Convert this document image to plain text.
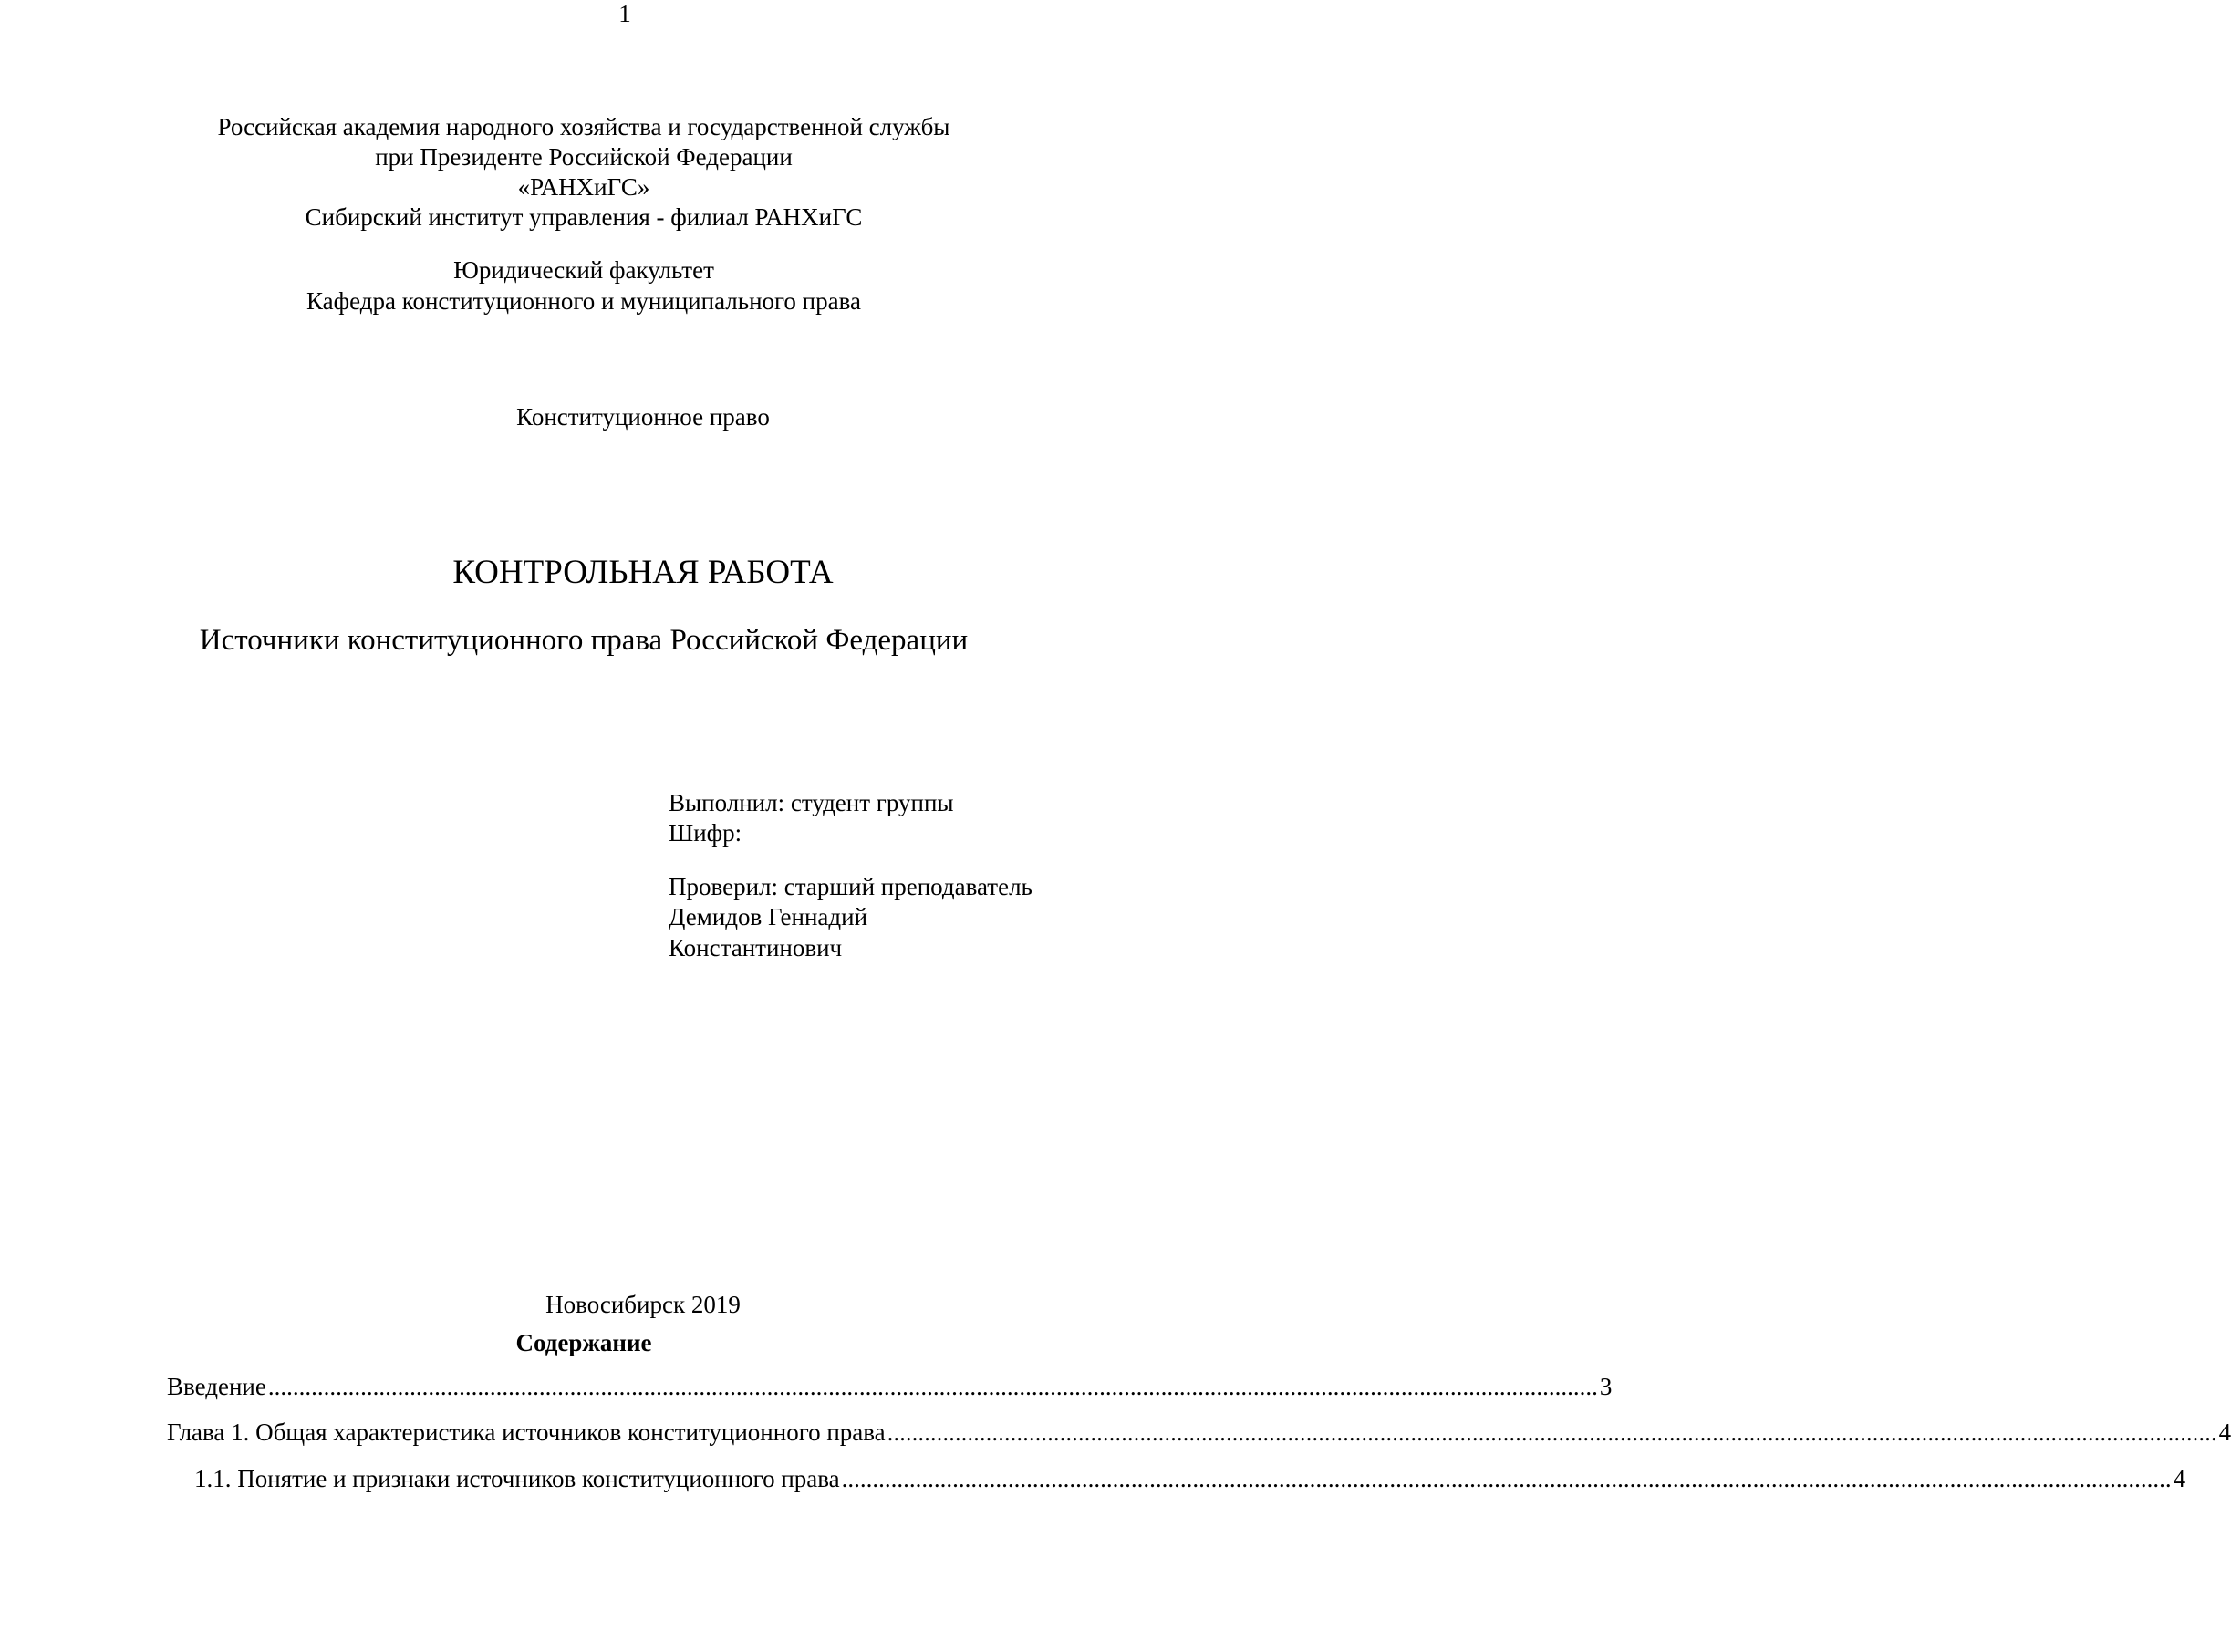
1
Российская академия народного хозяйства и государственной службы
при Президенте Российской Федерации
«РАНХиГС»
Сибирский институт управления - филиал РАНХиГС
Юридический факультет
Кафедра конституционного и муниципального права
Конституционное право
КОНТРОЛЬНАЯ РАБОТА
Источники конституционного права Российской Федерации
Выполнил: студент группы
Шифр:
Проверил: старший преподаватель
Демидов Геннадий
Константинович
Новосибирск 2019
Содержание
Введение ........................................................................................................................................................................................................................ 3
Глава 1. Общая характеристика источников конституционного права ........................................................................................................................................................................................................................ 4
1.1. Понятие и признаки источников конституционного права ........................................................................................................................................................................................................................ 4
